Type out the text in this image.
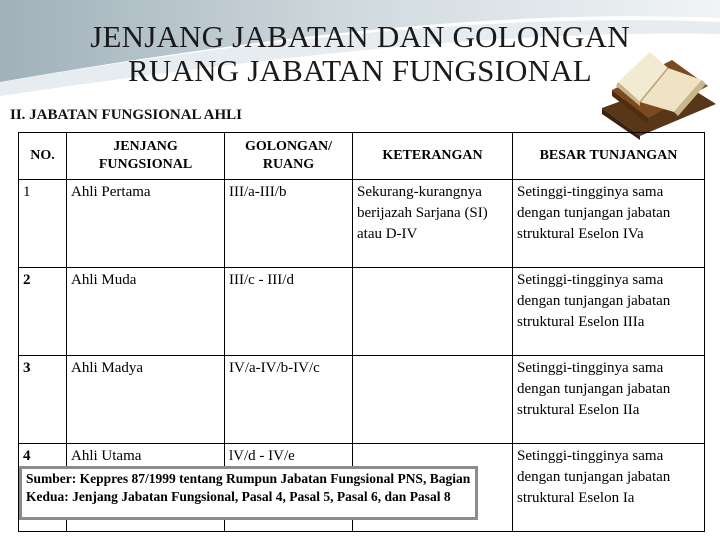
JENJANG JABATAN DAN GOLONGAN
RUANG JABATAN FUNGSIONAL
II. JABATAN FUNGSIONAL AHLI
NO.	JENJANG FUNGSIONAL	GOLONGAN/ RUANG	KETERANGAN	BESAR TUNJANGAN
1	Ahli Pertama	III/a-III/b	Sekurang-kurangnya berijazah Sarjana (SI) atau D-IV	Setinggi-tingginya sama dengan tunjangan jabatan struktural Eselon IVa
2	Ahli Muda	III/c - III/d		Setinggi-tingginya sama dengan tunjangan jabatan struktural Eselon IIIa
3	Ahli Madya	IV/a-IV/b-IV/c		Setinggi-tingginya sama dengan tunjangan jabatan struktural Eselon IIa
4	Ahli Utama	lV/d - IV/e		Setinggi-tingginya sama dengan tunjangan jabatan struktural Eselon Ia
Sumber: Keppres 87/1999 tentang Rumpun Jabatan Fungsional PNS, Bagian Kedua: Jenjang Jabatan Fungsional, Pasal 4, Pasal 5, Pasal 6, dan Pasal 8
